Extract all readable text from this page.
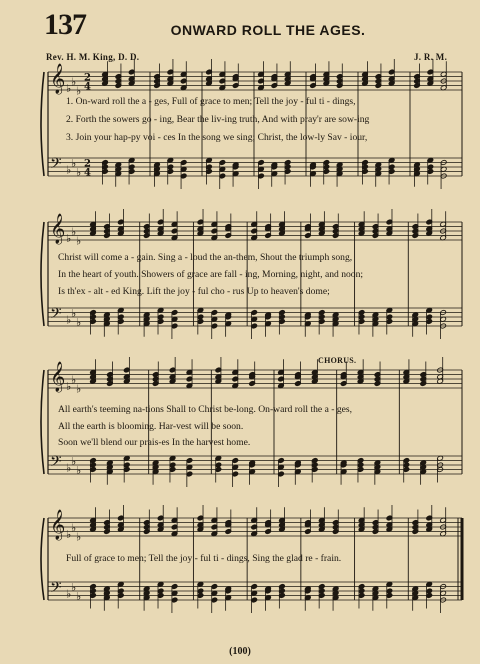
137	ONWARD ROLL THE AGES.
Rev. H. M. King, D. D.	J. R. M.
CHORUS.
𝄞
𝄢
♭
♭
♭
♭
♭
♭
2
4
2
4
𝄞
𝄢
♭
♭
♭
♭
♭
♭
𝄞
𝄢
♭
♭
♭
♭
♭
♭
𝄞
𝄢
♭
♭
♭
♭
♭
♭
1. On-ward roll the a - ges, Full of grace to men; Tell the joy - ful ti - dings,
2. Forth the sowers go - ing, Bear the liv-ing truth, And with pray'r are sow-ing
3. Join your hap-py voi - ces In the song we sing; Christ, the low-ly Sav - iour,
Christ will come a - gain. Sing a - loud the an-them, Shout the triumph song,
In the heart of youth. Showers of grace are fall - ing, Morning, night, and noon;
Is th'ex - alt - ed King. Lift the joy - ful cho - rus Up to heaven's dome;
All earth's teeming na-tions Shall to Christ be-long. On-ward roll the a - ges,
All the earth is blooming. Har-vest will be soon.
Soon we'll blend our prais-es In the harvest home.
Full of grace to men; Tell the joy - ful ti - dings, Sing the glad re - frain.
(100)
